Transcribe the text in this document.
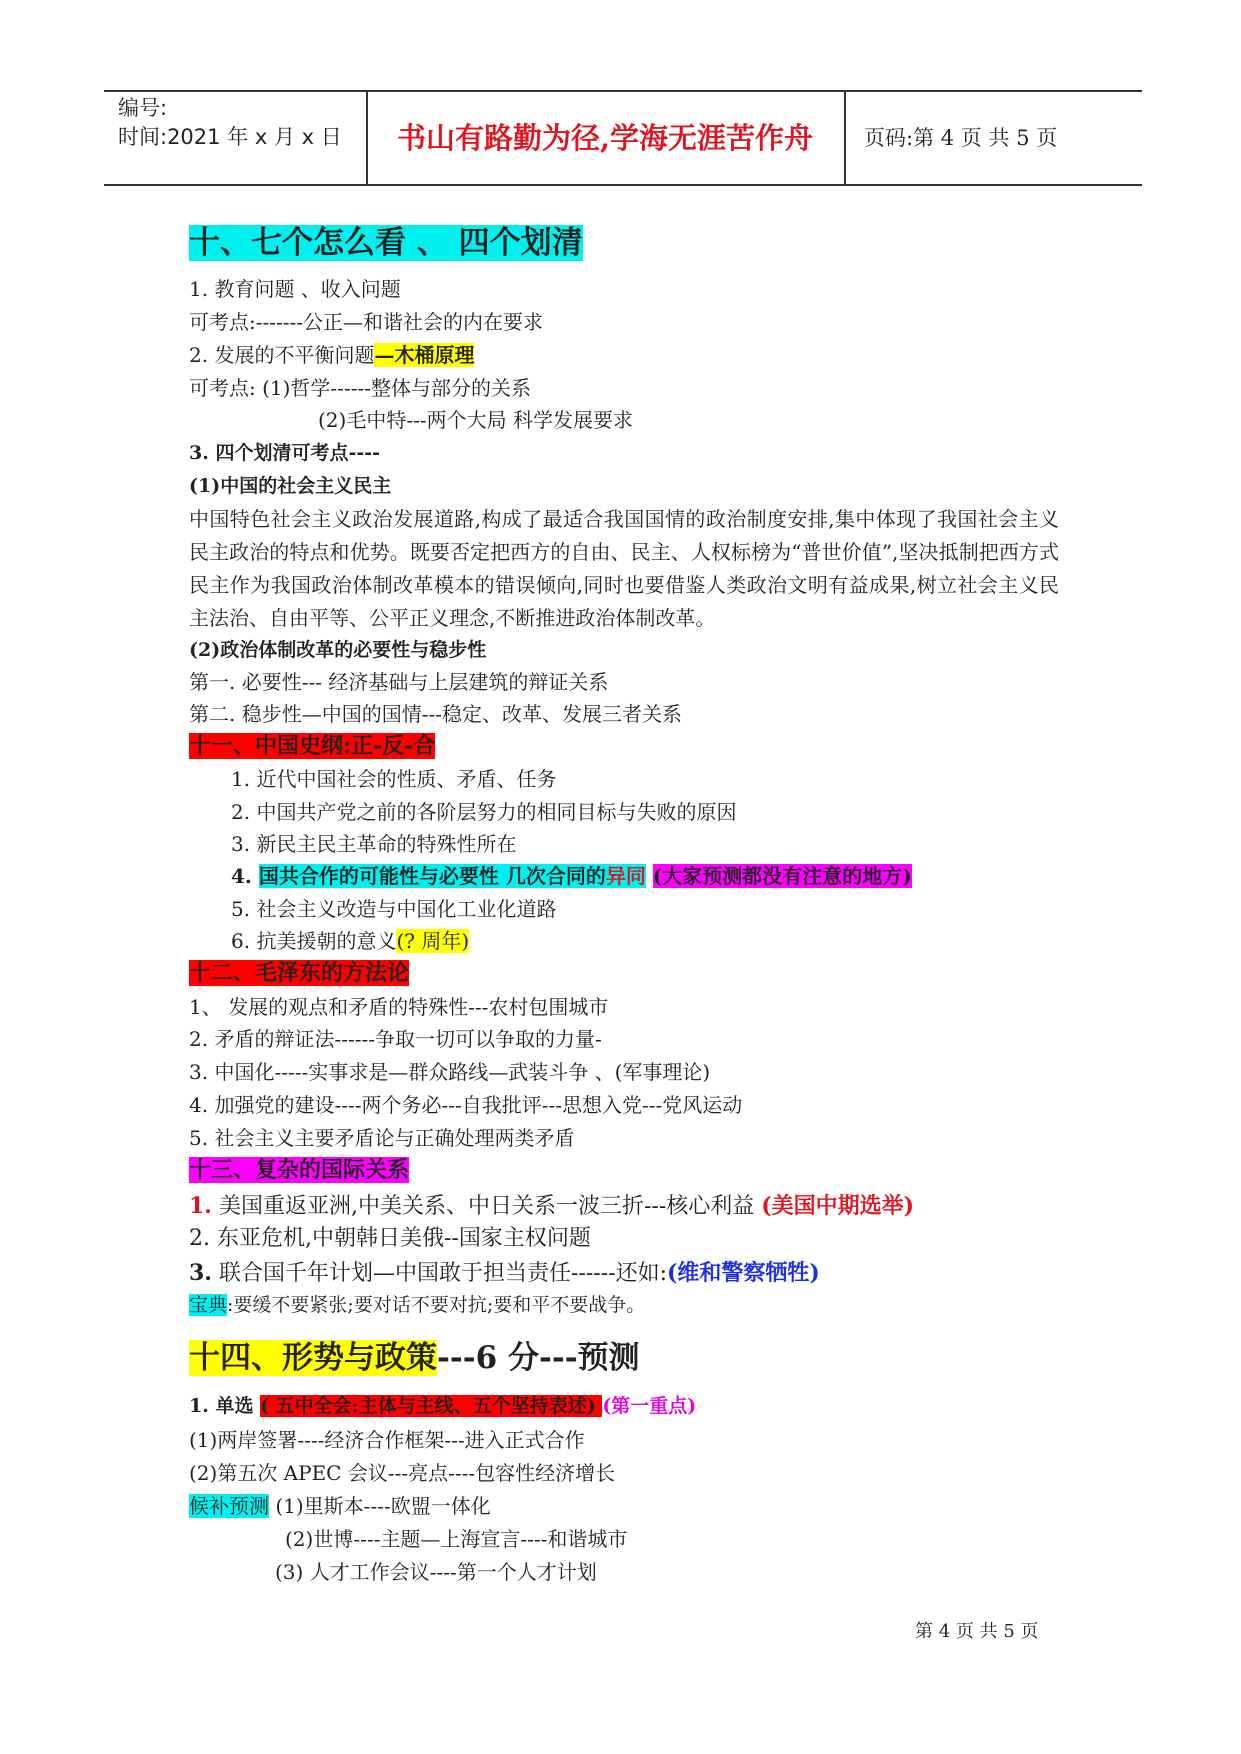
编号:
时间:2021 年 x 月 x 日	书山有路勤为径,学海无涯苦作舟	页码:第 4 页 共 5 页
十、七个怎么看 、 四个划清
1. 教育问题 、收入问题
可考点:-------公正—和谐社会的内在要求
2. 发展的不平衡问题—木桶原理
可考点: (1)哲学------整体与部分的关系
(2)毛中特---两个大局 科学发展要求
3. 四个划清可考点----
(1)中国的社会主义民主
中国特色社会主义政治发展道路,构成了最适合我国国情的政治制度安排,集中体现了我国社会主义民主政治的特点和优势。既要否定把西方的自由、民主、人权标榜为“普世价值”,坚决抵制把西方式民主作为我国政治体制改革模本的错误倾向,同时也要借鉴人类政治文明有益成果,树立社会主义民主法治、自由平等、公平正义理念,不断推进政治体制改革。
(2)政治体制改革的必要性与稳步性
第一. 必要性--- 经济基础与上层建筑的辩证关系
第二. 稳步性—中国的国情---稳定、改革、发展三者关系
十一、中国史纲:正-反-合
1. 近代中国社会的性质、矛盾、任务
2. 中国共产党之前的各阶层努力的相同目标与失败的原因
3. 新民主民主革命的特殊性所在
4. 国共合作的可能性与必要性 几次合同的异同 (大家预测都没有注意的地方)
5. 社会主义改造与中国化工业化道路
6. 抗美援朝的意义(? 周年)
十二、毛泽东的方法论
1、 发展的观点和矛盾的特殊性---农村包围城市
2. 矛盾的辩证法------争取一切可以争取的力量-
3. 中国化-----实事求是—群众路线—武装斗争 、(军事理论)
4. 加强党的建设----两个务必---自我批评---思想入党---党风运动
5. 社会主义主要矛盾论与正确处理两类矛盾
十三、复杂的国际关系
1. 美国重返亚洲,中美关系、中日关系一波三折---核心利益 (美国中期选举)
2. 东亚危机,中朝韩日美俄--国家主权问题
3. 联合国千年计划—中国敢于担当责任------还如:(维和警察牺牲)
宝典:要缓不要紧张;要对话不要对抗;要和平不要战争。
十四、形势与政策---6 分---预测
1. 单选 ( 五中全会:主体与主线、五个坚持表述) (第一重点)
(1)两岸签署----经济合作框架---进入正式合作
(2)第五次 APEC 会议---亮点----包容性经济增长
候补预测 (1)里斯本----欧盟一体化
(2)世博----主题—上海宣言----和谐城市
(3) 人才工作会议----第一个人才计划
第 4 页 共 5 页
